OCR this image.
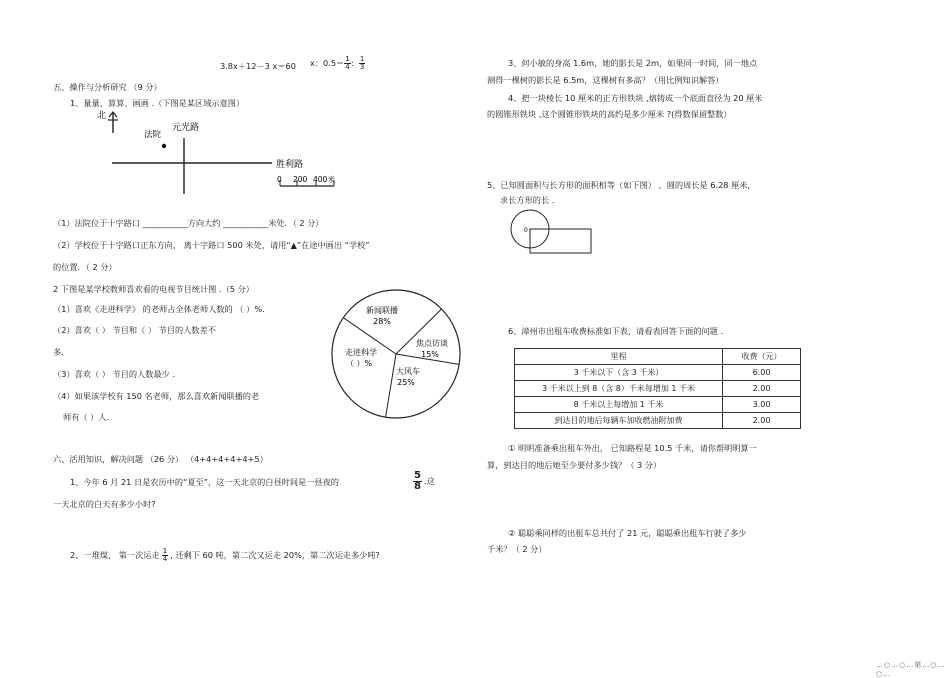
3.8x＋12－3 x＝60 x：$0.5= \frac{1}{4}$ ： $\frac{1}{3}$
五、操作与分析研究 （9 分）
1、量量、算算、画画 .（下图是某区域示意图）
北
法院
元光路
胜利路
0 200 400米
（1）法院位于十字路口 ___________方向大约 ___________米处．（ 2 分）
（2）学校位于十字路口正东方向， 离十字路口 500 米处，请用“▲”在途中画出 “学校”
的位置．（ 2 分）
2 下图是某学校教师喜欢看的电视节目统计图 .（5 分）
（1）喜欢《走进科学》 的老师占全体老师人数的 （ ）%.
（2）喜欢（ ） 节目和（ ） 节目的人数差不
多.
（3）喜欢（ ） 节目的人数最少 .
（4）如果该学校有 150 名老师，那么喜欢新闻联播的老
师有（ ）人.
新闻联播
28%
焦点访谈
15%
大风车
25%
走进科学
（ ）%
六、活用知识，解决问题 （26 分） （4+4+4+4+4+5）
1、今年 6 月 21 日是农历中的“夏至”，这一天北京的白昼时间是一昼夜的	$\frac{5}{8}$ .这
一天北京的白天有多少小时?
2、一堆煤， 第一次运走 $\frac{1}{4}$ , 还剩下 60 吨，第二次又运走 20%，第二次运走多少吨?
3、何小敏的身高 1.6m，她的影长是 2m，如果同一时间，同一地点
测得一棵树的影长是 6.5m，这棵树有多高？（用比例知识解答）
4、把一块棱长 10 厘米的正方形铁块 ,熔铸成一个底面直径为 20 厘米
的圆锥形铁块 ,这个圆锥形铁块的高约是多少厘米 ?(得数保留整数）
5、已知圆面积与长方形的面积相等（如下图） ，圆的周长是 6.28 厘米,
求长方形的长 .
0
6、漳州市出租车收费标准如下表，请看表回答下面的问题 .
里程	收费（元）
3 千米以下（含 3 千米）	6.00
3 千米以上到 8（含 8）千米每增加 1 千米	2.00
8 千米以上每增加 1 千米	3.00
到达目的地后每辆车加收燃油附加费	2.00
① 明明准备乘出租车外出， 已知路程是 10.5 千米，请你帮明明算一
算，到达目的地后她至少要付多少钱？（ 3 分）
② 聪聪乘同样的出租车总共付了 21 元，聪聪乘出租车行驶了多少
千米？（ 2 分）
…○…○…第…○…○…
